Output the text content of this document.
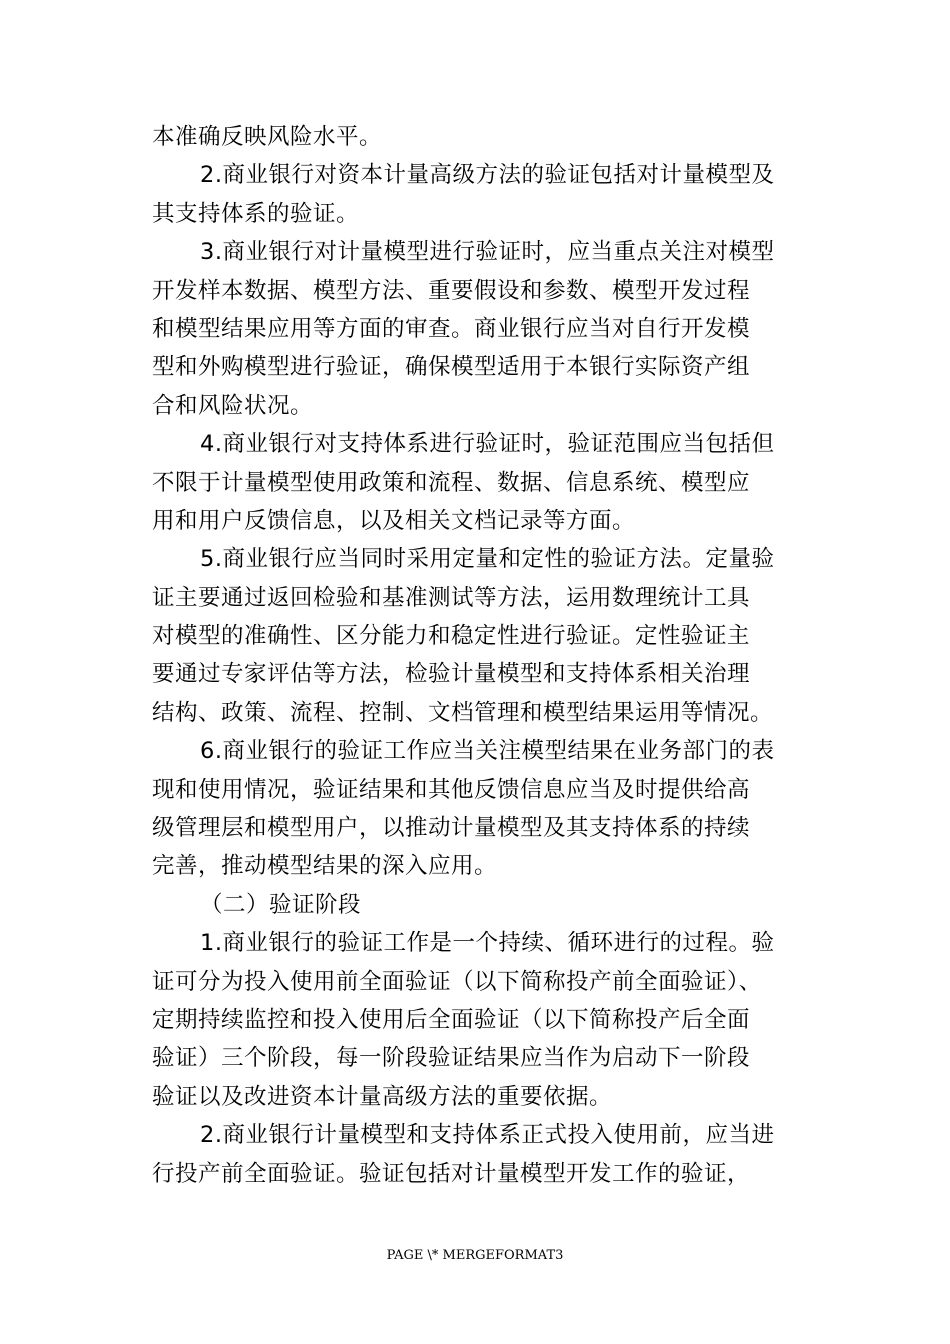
本准确反映风险水平。
2.商业银行对资本计量高级方法的验证包括对计量模型及
其支持体系的验证。
3.商业银行对计量模型进行验证时，应当重点关注对模型
开发样本数据、模型方法、重要假设和参数、模型开发过程
和模型结果应用等方面的审查。商业银行应当对自行开发模
型和外购模型进行验证，确保模型适用于本银行实际资产组
合和风险状况。
4.商业银行对支持体系进行验证时，验证范围应当包括但
不限于计量模型使用政策和流程、数据、信息系统、模型应
用和用户反馈信息，以及相关文档记录等方面。
5.商业银行应当同时采用定量和定性的验证方法。定量验
证主要通过返回检验和基准测试等方法，运用数理统计工具
对模型的准确性、区分能力和稳定性进行验证。定性验证主
要通过专家评估等方法，检验计量模型和支持体系相关治理
结构、政策、流程、控制、文档管理和模型结果运用等情况。
6.商业银行的验证工作应当关注模型结果在业务部门的表
现和使用情况，验证结果和其他反馈信息应当及时提供给高
级管理层和模型用户，以推动计量模型及其支持体系的持续
完善，推动模型结果的深入应用。
（二）验证阶段
1.商业银行的验证工作是一个持续、循环进行的过程。验
证可分为投入使用前全面验证（以下简称投产前全面验证）、
定期持续监控和投入使用后全面验证（以下简称投产后全面
验证）三个阶段，每一阶段验证结果应当作为启动下一阶段
验证以及改进资本计量高级方法的重要依据。
2.商业银行计量模型和支持体系正式投入使用前，应当进
行投产前全面验证。验证包括对计量模型开发工作的验证，
PAGE \* MERGEFORMAT3
